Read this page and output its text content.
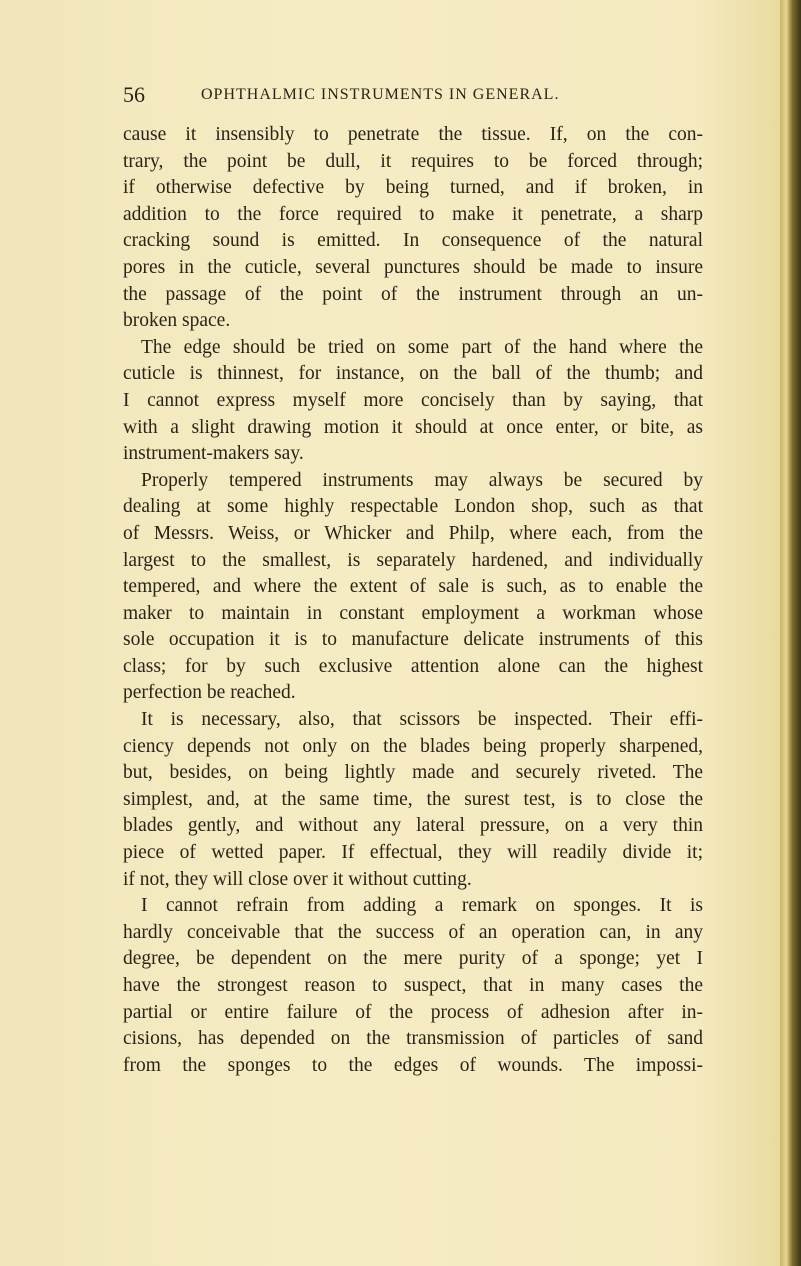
56	OPHTHALMIC INSTRUMENTS IN GENERAL.
cause it insensibly to penetrate the tissue. If, on the con-
trary, the point be dull, it requires to be forced through;
if otherwise defective by being turned, and if broken, in
addition to the force required to make it penetrate, a sharp
cracking sound is emitted. In consequence of the natural
pores in the cuticle, several punctures should be made to insure
the passage of the point of the instrument through an un-
broken space.
The edge should be tried on some part of the hand where the
cuticle is thinnest, for instance, on the ball of the thumb; and
I cannot express myself more concisely than by saying, that
with a slight drawing motion it should at once enter, or bite, as
instrument-makers say.
Properly tempered instruments may always be secured by
dealing at some highly respectable London shop, such as that
of Messrs. Weiss, or Whicker and Philp, where each, from the
largest to the smallest, is separately hardened, and individually
tempered, and where the extent of sale is such, as to enable the
maker to maintain in constant employment a workman whose
sole occupation it is to manufacture delicate instruments of this
class; for by such exclusive attention alone can the highest
perfection be reached.
It is necessary, also, that scissors be inspected. Their effi-
ciency depends not only on the blades being properly sharpened,
but, besides, on being lightly made and securely riveted. The
simplest, and, at the same time, the surest test, is to close the
blades gently, and without any lateral pressure, on a very thin
piece of wetted paper. If effectual, they will readily divide it;
if not, they will close over it without cutting.
I cannot refrain from adding a remark on sponges. It is
hardly conceivable that the success of an operation can, in any
degree, be dependent on the mere purity of a sponge; yet I
have the strongest reason to suspect, that in many cases the
partial or entire failure of the process of adhesion after in-
cisions, has depended on the transmission of particles of sand
from the sponges to the edges of wounds. The impossi-
